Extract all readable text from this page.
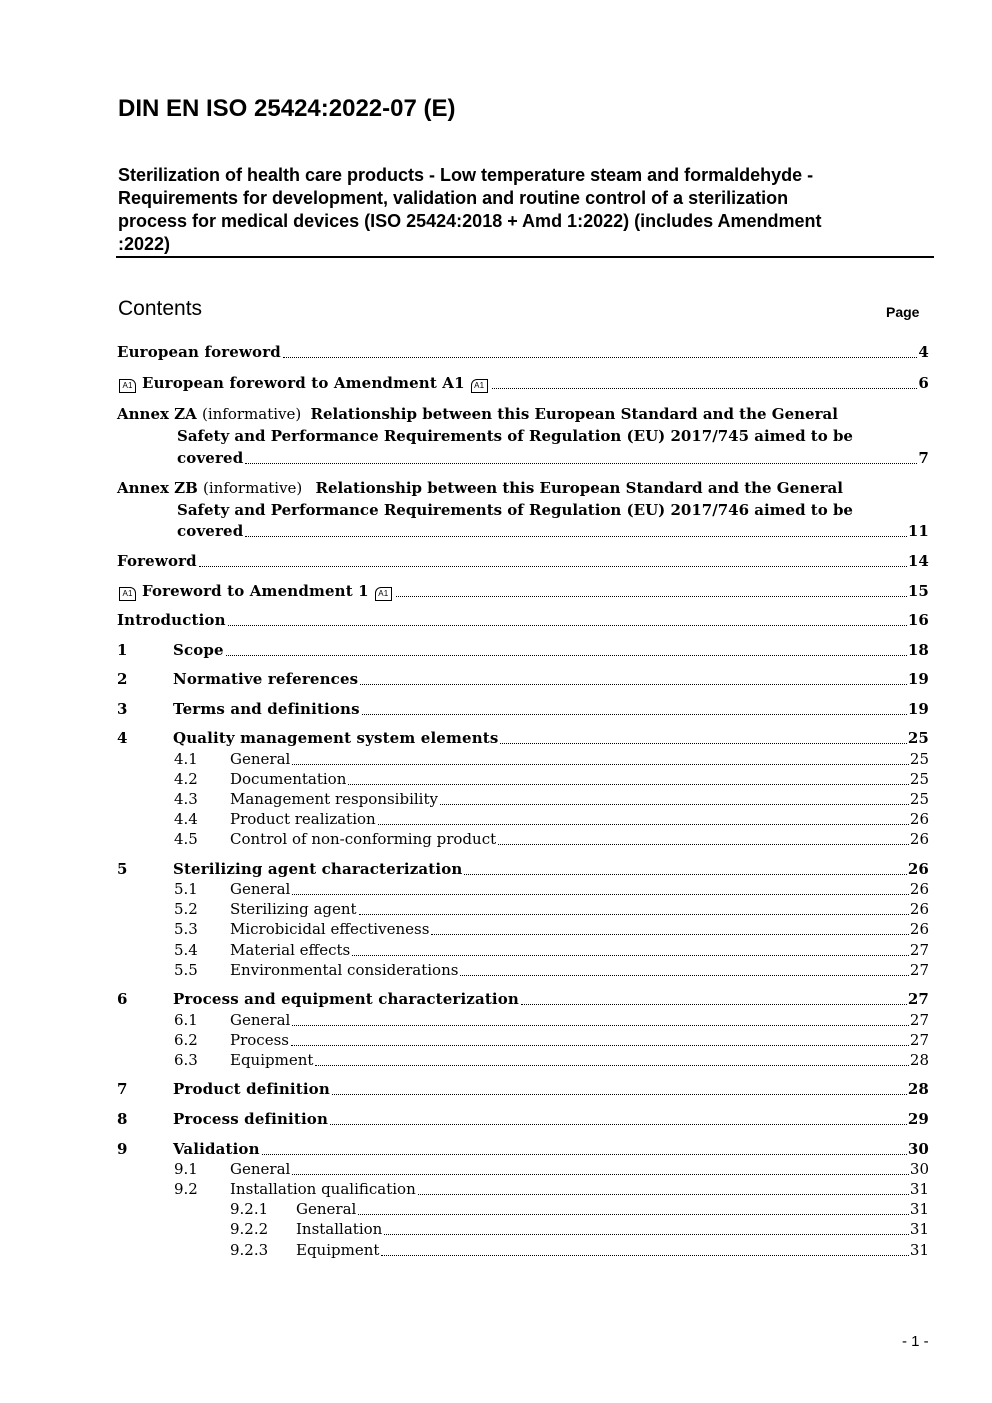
DIN EN ISO 25424:2022-07 (E)
Sterilization of health care products - Low temperature steam and formaldehyde -
Requirements for development, validation and routine control of a sterilization
process for medical devices (ISO 25424:2018 + Amd 1:2022) (includes Amendment
:2022)
Contents	Page
European foreword	4
A1 European foreword to Amendment A1	A1	6
Annex ZA (informative) Relationship between this European Standard and the General
Safety and Performance Requirements of Regulation (EU) 2017/745 aimed to be
covered	7
Annex ZB (informative) Relationship between this European Standard and the General
Safety and Performance Requirements of Regulation (EU) 2017/746 aimed to be
covered	11
Foreword	14
A1 Foreword to Amendment 1	A1	15
Introduction	16
1	Scope	18
2	Normative references	19
3	Terms and definitions	19
4	Quality management system elements	25
4.1 General	25
4.2 Documentation	25
4.3 Management responsibility	25
4.4 Product realization	26
4.5 Control of non-conforming product	26
5	Sterilizing agent characterization	26
5.1 General	26
5.2 Sterilizing agent	26
5.3 Microbicidal effectiveness	26
5.4 Material effects	27
5.5 Environmental considerations	27
6	Process and equipment characterization	27
6.1 General	27
6.2 Process	27
6.3 Equipment	28
7	Product definition	28
8	Process definition	29
9	Validation	30
9.1 General	30
9.2 Installation qualification	31
9.2.1 General	31
9.2.2 Installation	31
9.2.3 Equipment	31
- 1 -
